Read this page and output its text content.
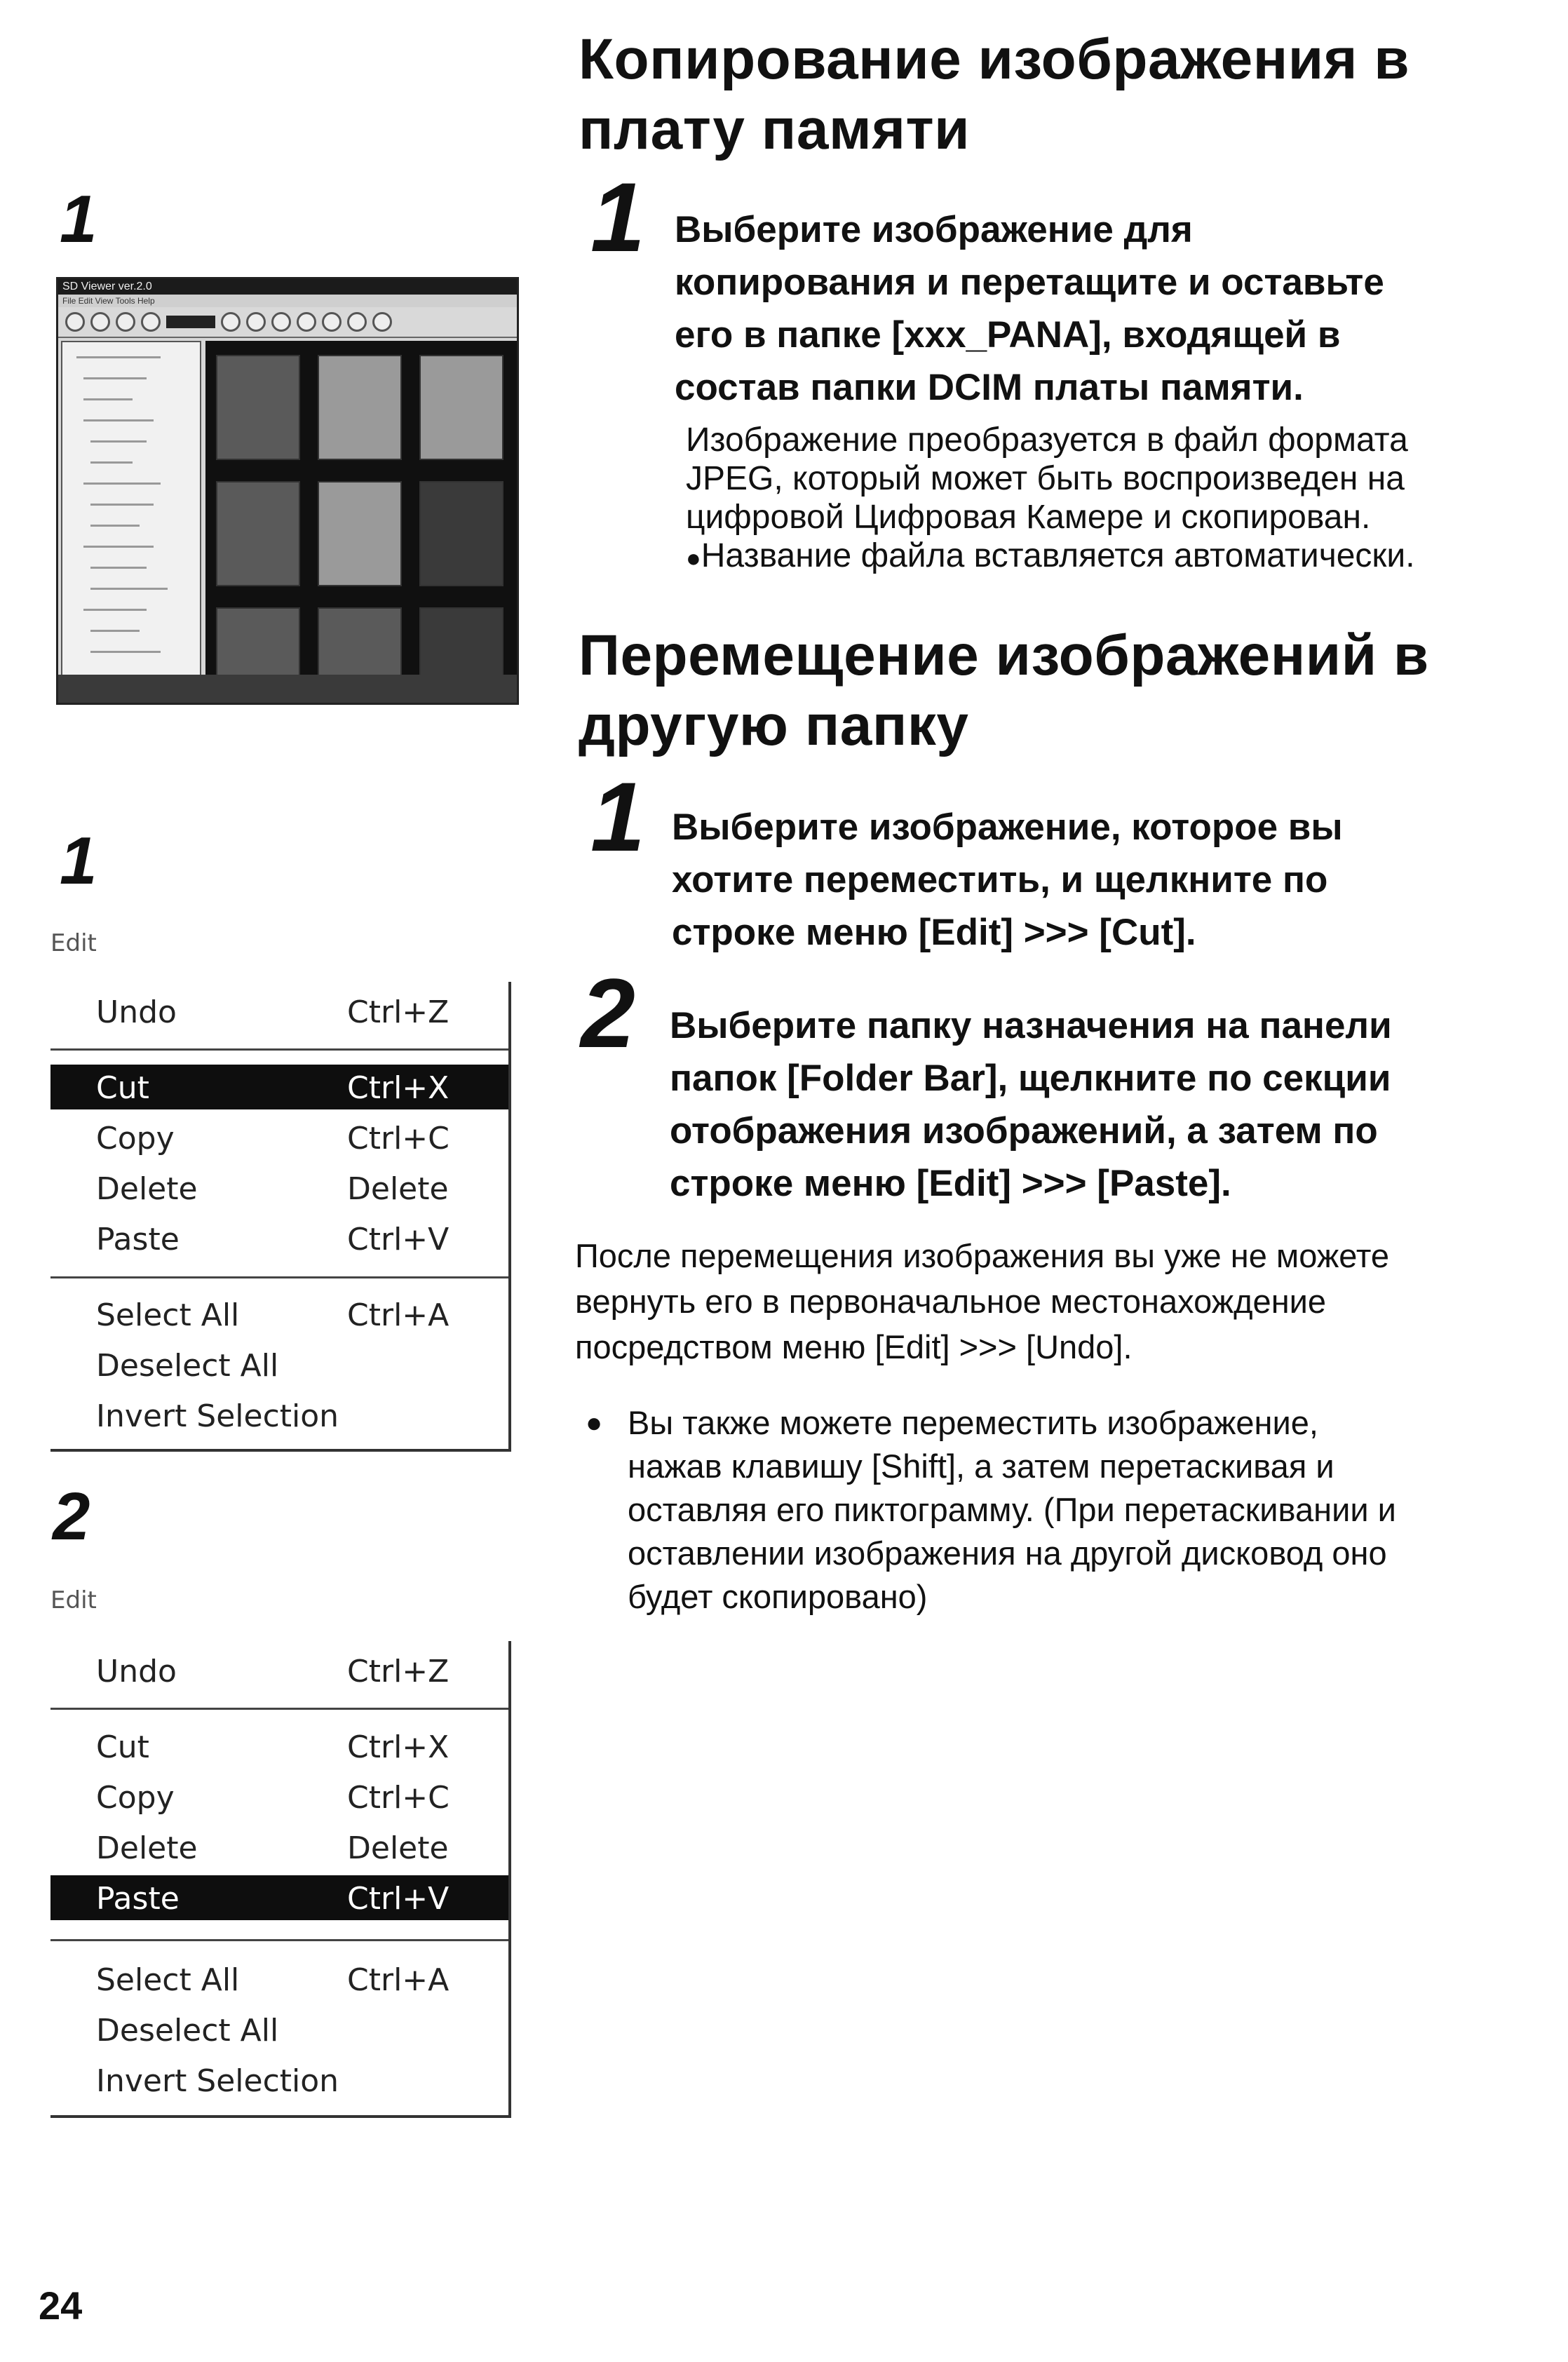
1
SD Viewer ver.2.0
File Edit View Tools Help
1
Edit
Undo	Ctrl+Z
Cut	Ctrl+X
Copy	Ctrl+C
Delete	Delete
Paste	Ctrl+V
Select All	Ctrl+A
Deselect All
Invert Selection
2
Edit
Undo	Ctrl+Z
Cut	Ctrl+X
Copy	Ctrl+C
Delete	Delete
Paste	Ctrl+V
Select All	Ctrl+A
Deselect All
Invert Selection
24
Копирование изображения в
плату памяти
1 Выберите изображение для
копирования и перетащите и оставьте
его в папке [xxx_PANA], входящей в
состав папки DCIM платы памяти.
Изображение преобразуется в файл формата
JPEG, который может быть воспроизведен на
цифровой Цифровая Камере и скопирован.
●Название файла вставляется автоматически.
Перемещение изображений в
другую папку
1 Выберите изображение, которое вы
хотите переместить, и щелкните по
строке меню [Edit] >>> [Cut].
2 Выберите папку назначения на панели
папок [Folder Bar], щелкните по секции
отображения изображений, а затем по
строке меню [Edit] >>> [Paste].
После перемещения изображения вы уже не можете
вернуть его в первоначальное местонахождение
посредством меню [Edit] >>> [Undo].
● Вы также можете переместить изображение,
нажав клавишу [Shift], а затем перетаскивая и
оставляя его пиктограмму. (При перетаскивании и
оставлении изображения на другой дисковод оно
будет скопировано)
